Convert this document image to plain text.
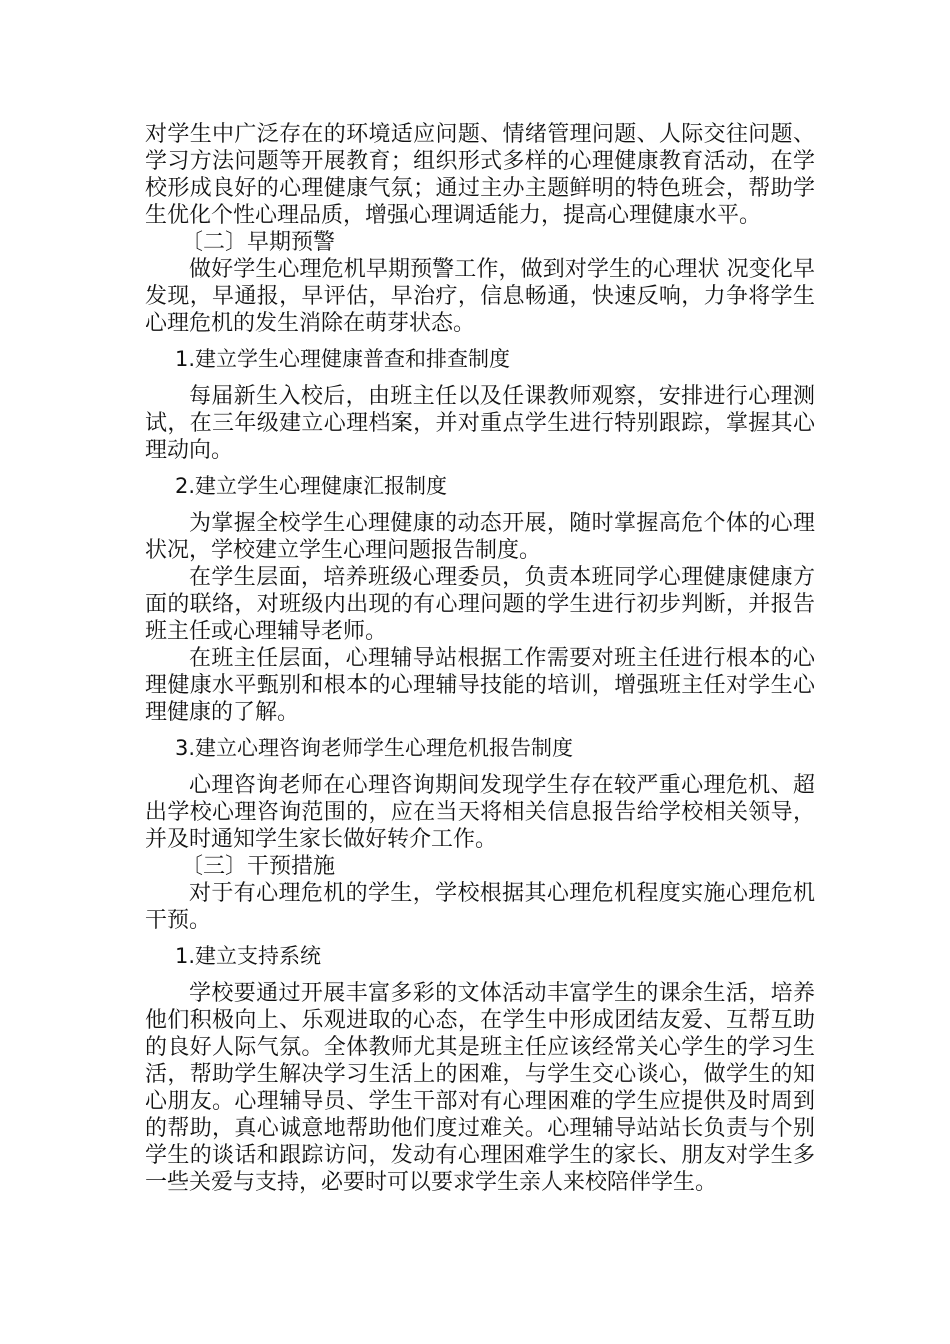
对学生中广泛存在的环境适应问题、情绪管理问题、人际交往问题、学习方法问题等开展教育；组织形式多样的心理健康教育活动，在学校形成良好的心理健康气氛；通过主办主题鲜明的特色班会，帮助学生优化个性心理品质，增强心理调适能力，提高心理健康水平。

〔二〕早期预警

做好学生心理危机早期预警工作，做到对学生的心理状 况变化早发现，早通报，早评估，早治疗，信息畅通，快速反响，力争将学生心理危机的发生消除在萌芽状态。

1.建立学生心理健康普查和排查制度

每届新生入校后，由班主任以及任课教师观察，安排进行心理测试，在三年级建立心理档案，并对重点学生进行特别跟踪，掌握其心理动向。

2.建立学生心理健康汇报制度

为掌握全校学生心理健康的动态开展，随时掌握高危个体的心理状况，学校建立学生心理问题报告制度。

在学生层面，培养班级心理委员，负责本班同学心理健康健康方面的联络，对班级内出现的有心理问题的学生进行初步判断，并报告班主任或心理辅导老师。

在班主任层面，心理辅导站根据工作需要对班主任进行根本的心理健康水平甄别和根本的心理辅导技能的培训，增强班主任对学生心理健康的了解。

3.建立心理咨询老师学生心理危机报告制度

心理咨询老师在心理咨询期间发现学生存在较严重心理危机、超出学校心理咨询范围的，应在当天将相关信息报告给学校相关领导，并及时通知学生家长做好转介工作。

〔三〕干预措施

对于有心理危机的学生，学校根据其心理危机程度实施心理危机干预。

1.建立支持系统

学校要通过开展丰富多彩的文体活动丰富学生的课余生活，培养他们积极向上、乐观进取的心态，在学生中形成团结友爱、互帮互助的良好人际气氛。全体教师尤其是班主任应该经常关心学生的学习生活，帮助学生解决学习生活上的困难，与学生交心谈心，做学生的知心朋友。心理辅导员、学生干部对有心理困难的学生应提供及时周到的帮助，真心诚意地帮助他们度过难关。心理辅导站站长负责与个别学生的谈话和跟踪访问，发动有心理困难学生的家长、朋友对学生多一些关爱与支持，必要时可以要求学生亲人来校陪伴学生。
